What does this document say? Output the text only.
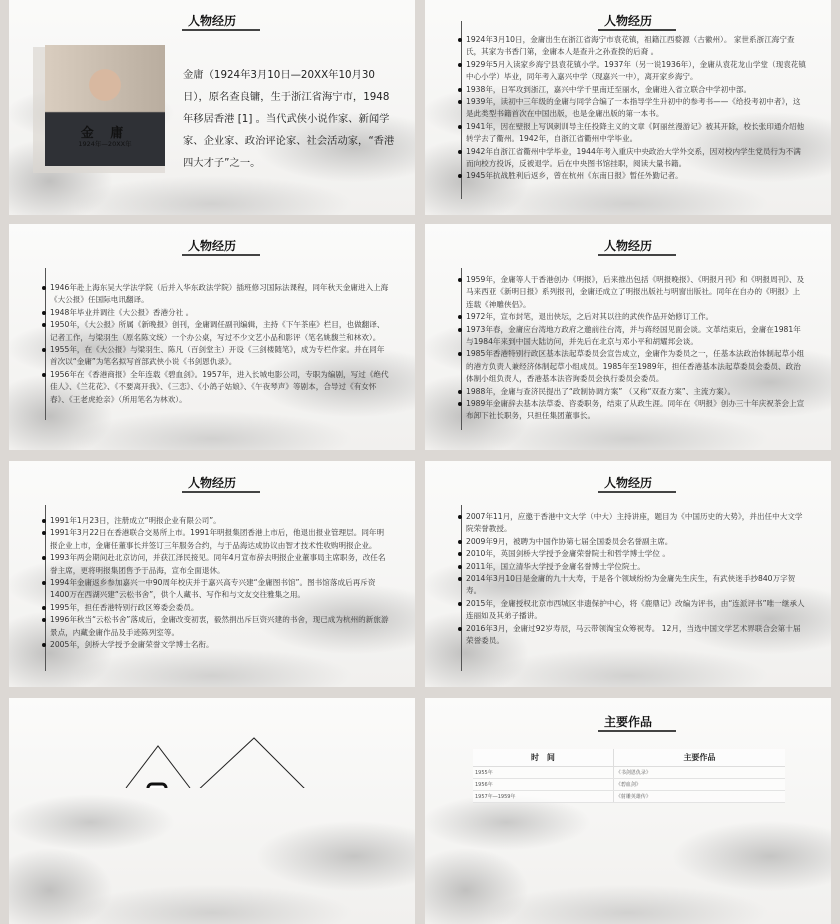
人物经历
金 庸
1924年—20XX年
金庸（1924年3月10日—20XX年10月30日），原名查良镛，生于浙江省海宁市，1948年移居香港 [1] 。当代武侠小说作家、新闻学家、企业家、政治评论家、社会活动家，“香港四大才子”之一。
人物经历
1924年3月10日，金庸出生在浙江省海宁市袁花镇，祖籍江西婺源（古徽州）。 家世系浙江海宁查氏，其家为书香门第，金庸本人是查升之孙查揆的后裔 。
1929年5月入读家乡海宁县袁花镇小学。1937年（另一说1936年），金庸从袁花龙山学堂（现袁花镇中心小学）毕业，同年考入嘉兴中学（现嘉兴一中），离开家乡海宁。
1938年，日军攻到浙江，嘉兴中学千里南迁至丽水，金庸进入省立联合中学初中部。
1939年，读初中三年级的金庸与同学合编了一本指导学生升初中的参考书——《给投考初中者》，这是此类型书籍首次在中国出版，也是金庸出版的第一本书。
1941年，因在壁报上写讽刺训导主任投降主义的文章《阿丽丝漫游记》被其开除，校长张印通介绍他转学去了衢州。1942年，自浙江省衢州中学毕业。
1942年自浙江省衢州中学毕业，1944年考入重庆中央政治大学外交系，因对校内学生党员行为不满而向校方投诉，反被退学。后在中央图书馆挂职，阅读大量书籍。
1945年抗战胜利后返乡，曾在杭州《东南日报》暂任外勤记者。
人物经历
1946年赴上海东吴大学法学院（后并入华东政法学院）插班修习国际法课程，同年秋天金庸进入上海《大公报》任国际电讯翻译。
1948年毕业并调往《大公报》香港分社 。
1950年，《大公报》所属《新晚报》创刊，金庸调任副刊编辑，主持《下午茶座》栏目，也做翻译、记者工作，与梁羽生（原名陈文统）一个办公桌，写过不少文艺小品和影评（笔名姚馥兰和林欢）。
1955年，在《大公报》与梁羽生、陈凡（百剑堂主）开设《三剑楼随笔》，成为专栏作家。并在同年首次以“金庸”为笔名拟写首部武侠小说《书剑恩仇录》。
1956年在《香港商报》全年连载《碧血剑》。1957年，进入长城电影公司，专职为编剧，写过《绝代佳人》、《兰花花》、《不要离开我》、《三恋》、《小鸽子姑娘》、《午夜琴声》等剧本，合导过《有女怀春》、《王老虎抢亲》（所用笔名为林欢）。
人物经历
1959年，金庸等人于香港创办《明报》，后来推出包括《明报晚报》、《明报月刊》和《明报周刊》、及马来西亚《新明日报》系列报刊，金庸还成立了明报出版社与明窗出版社。同年在自办的《明报》上连载《神雕侠侣》。
1972年，宣布封笔，退出侠坛，之后对其以往的武侠作品开始修订工作。
1973年春，金庸应台湾地方政府之邀前往台湾，并与蒋经国见面会谈。文革结束后，金庸在1981年与1984年来到中国大陆访问，并先后在北京与邓小平和胡耀邦会谈。
1985年香港特别行政区基本法起草委员会宣告成立，金庸作为委员之一，任基本法政治体制起草小组的港方负责人兼经济体制起草小组成员。1985年至1989年，担任香港基本法起草委员会委员、政治体制小组负责人，香港基本法咨询委员会执行委员会委员。
1988年，金庸与查济民提出了“政制协调方案” （又称“双查方案”、主流方案）。
1989年金庸辞去基本法草委、咨委职务，结束了从政生涯。同年在《明报》创办三十年庆祝茶会上宣布卸下社长职务，只担任集团董事长。
人物经历
1991年1月23日，注册成立“明报企业有限公司”。
1991年3月22日在香港联合交易所上市。1991年明报集团香港上市后，他退出报业管理层。同年明报企业上市，金庸任董事长并签订三年服务合约，与于品海达成协议由智才技术性收购明报企业。
1993年两会期间赴北京访问，并获江泽民接见。同年4月宣布辞去明报企业董事局主席职务，改任名誉主席，更将明报集团售予于品海，宣布全面退休。
1994年金庸返乡参加嘉兴一中90周年校庆并于嘉兴高专兴建“金庸图书馆”。图书馆落成后再斥资1400万在西湖兴建“云松书舍”，供个人藏书、写作和与文友交往雅集之用。
1995年，担任香港特别行政区筹委会委员。
1996年秋当“云松书舍”落成后，金庸改变初衷，毅然捐出斥巨资兴建的书舍，现已成为杭州的新旅游景点，内藏金庸作品及手迹陈列室等。
2005年，剑桥大学授予金庸荣誉文学博士名衔。
人物经历
2007年11月，应邀于香港中文大学（中大）主持讲座，题目为《中国历史的大势》，并出任中大文学院荣誉教授。
2009年9月，被聘为中国作协第七届全国委员会名誉副主席。
2010年，英国剑桥大学授予金庸荣誉院士和哲学博士学位 。
2011年，国立清华大学授予金庸名誉博士学位院士。
2014年3月10日是金庸的九十大寿，于是各个领域纷纷为金庸先生庆生，有武侠迷手抄840万字贺寿。
2015年，金庸授权北京市西城区非遗保护中心，将《鹿鼎记》改编为评书，由“连派评书”唯一继承人连丽如及其弟子播讲。
2016年3月，金庸过92岁寿辰，马云带领淘宝众筹祝寿。 12月，当选中国文学艺术界联合会第十届荣誉委员。
主要作品
时　间	主要作品
1955年	《书剑恩仇录》
1956年	《碧血剑》
1957年—1959年	《射雕英雄传》
